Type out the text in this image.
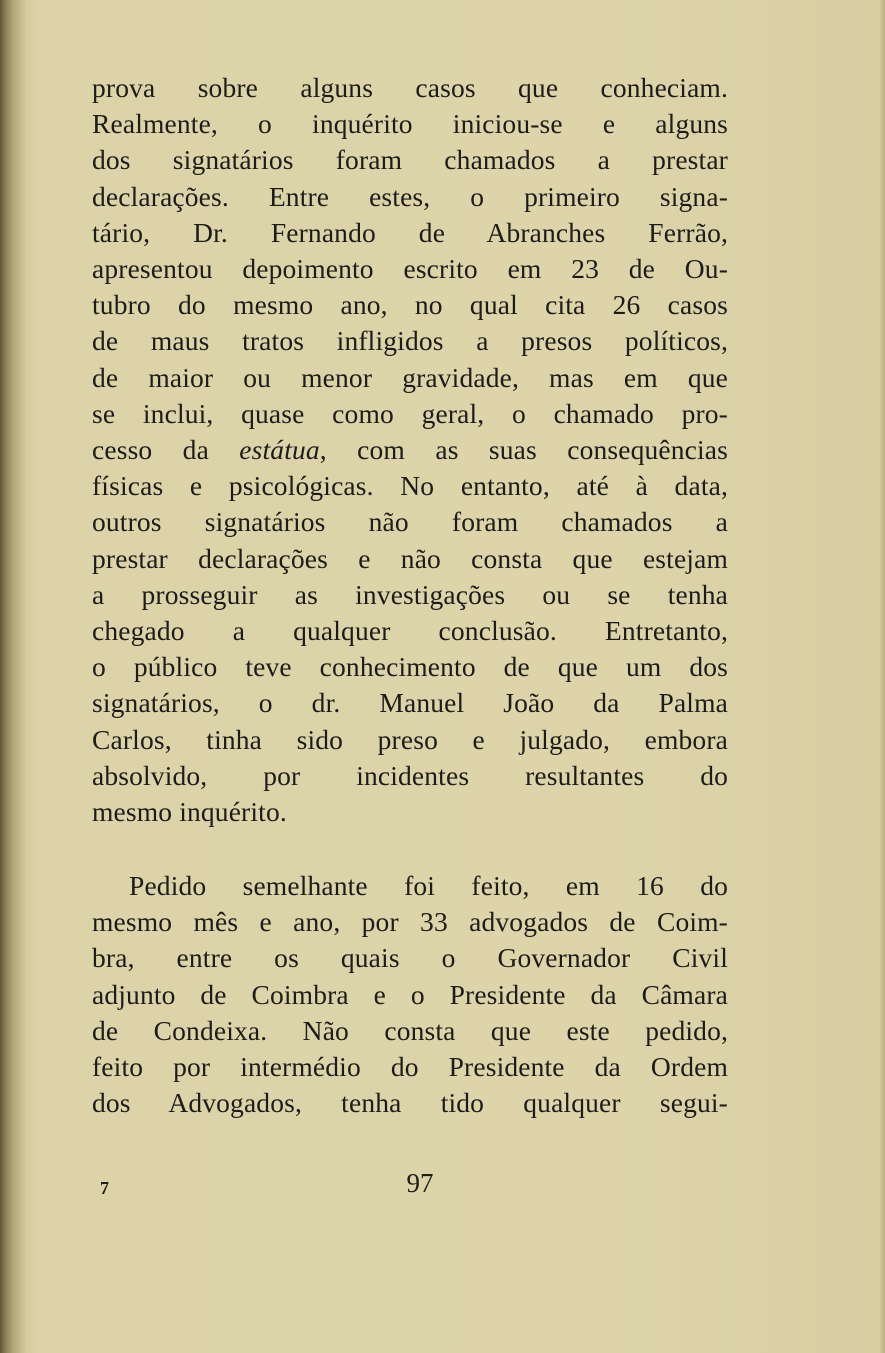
prova sobre alguns casos que conheciam.
Realmente, o inquérito iniciou-se e alguns
dos signatários foram chamados a prestar
declarações. Entre estes, o primeiro signa-
tário, Dr. Fernando de Abranches Ferrão,
apresentou depoimento escrito em 23 de Ou-
tubro do mesmo ano, no qual cita 26 casos
de maus tratos infligidos a presos políticos,
de maior ou menor gravidade, mas em que
se inclui, quase como geral, o chamado pro-
cesso da estátua, com as suas consequências
físicas e psicológicas. No entanto, até à data,
outros signatários não foram chamados a
prestar declarações e não consta que estejam
a prosseguir as investigações ou se tenha
chegado a qualquer conclusão. Entretanto,
o público teve conhecimento de que um dos
signatários, o dr. Manuel João da Palma
Carlos, tinha sido preso e julgado, embora
absolvido, por incidentes resultantes do
mesmo inquérito.
Pedido semelhante foi feito, em 16 do
mesmo mês e ano, por 33 advogados de Coim-
bra, entre os quais o Governador Civil
adjunto de Coimbra e o Presidente da Câmara
de Condeixa. Não consta que este pedido,
feito por intermédio do Presidente da Ordem
dos Advogados, tenha tido qualquer segui-
7	97
